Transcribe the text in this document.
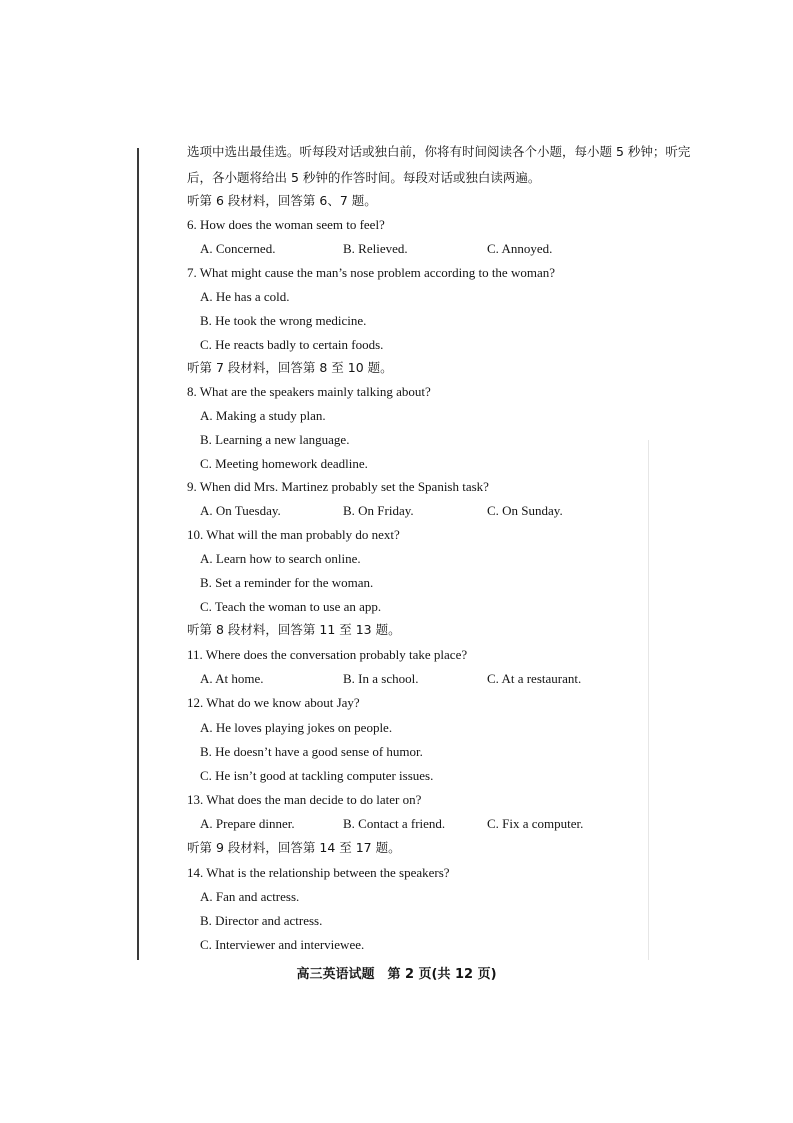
选项中选出最佳选。听每段对话或独白前，你将有时间阅读各个小题，每小题 5 秒钟；听完
后，各小题将给出 5 秒钟的作答时间。每段对话或独白读两遍。
听第 6 段材料，回答第 6、7 题。
6. How does the woman seem to feel?
A. Concerned.	B. Relieved.	C. Annoyed.
7. What might cause the man’s nose problem according to the woman?
A. He has a cold.
B. He took the wrong medicine.
C. He reacts badly to certain foods.
听第 7 段材料，回答第 8 至 10 题。
8. What are the speakers mainly talking about?
A. Making a study plan.
B. Learning a new language.
C. Meeting homework deadline.
9. When did Mrs. Martinez probably set the Spanish task?
A. On Tuesday.	B. On Friday.	C. On Sunday.
10. What will the man probably do next?
A. Learn how to search online.
B. Set a reminder for the woman.
C. Teach the woman to use an app.
听第 8 段材料，回答第 11 至 13 题。
11. Where does the conversation probably take place?
A. At home.	B. In a school.	C. At a restaurant.
12. What do we know about Jay?
A. He loves playing jokes on people.
B. He doesn’t have a good sense of humor.
C. He isn’t good at tackling computer issues.
13. What does the man decide to do later on?
A. Prepare dinner.	B. Contact a friend.	C. Fix a computer.
听第 9 段材料，回答第 14 至 17 题。
14. What is the relationship between the speakers?
A. Fan and actress.
B. Director and actress.
C. Interviewer and interviewee.
高三英语试题　第 2 页(共 12 页)
